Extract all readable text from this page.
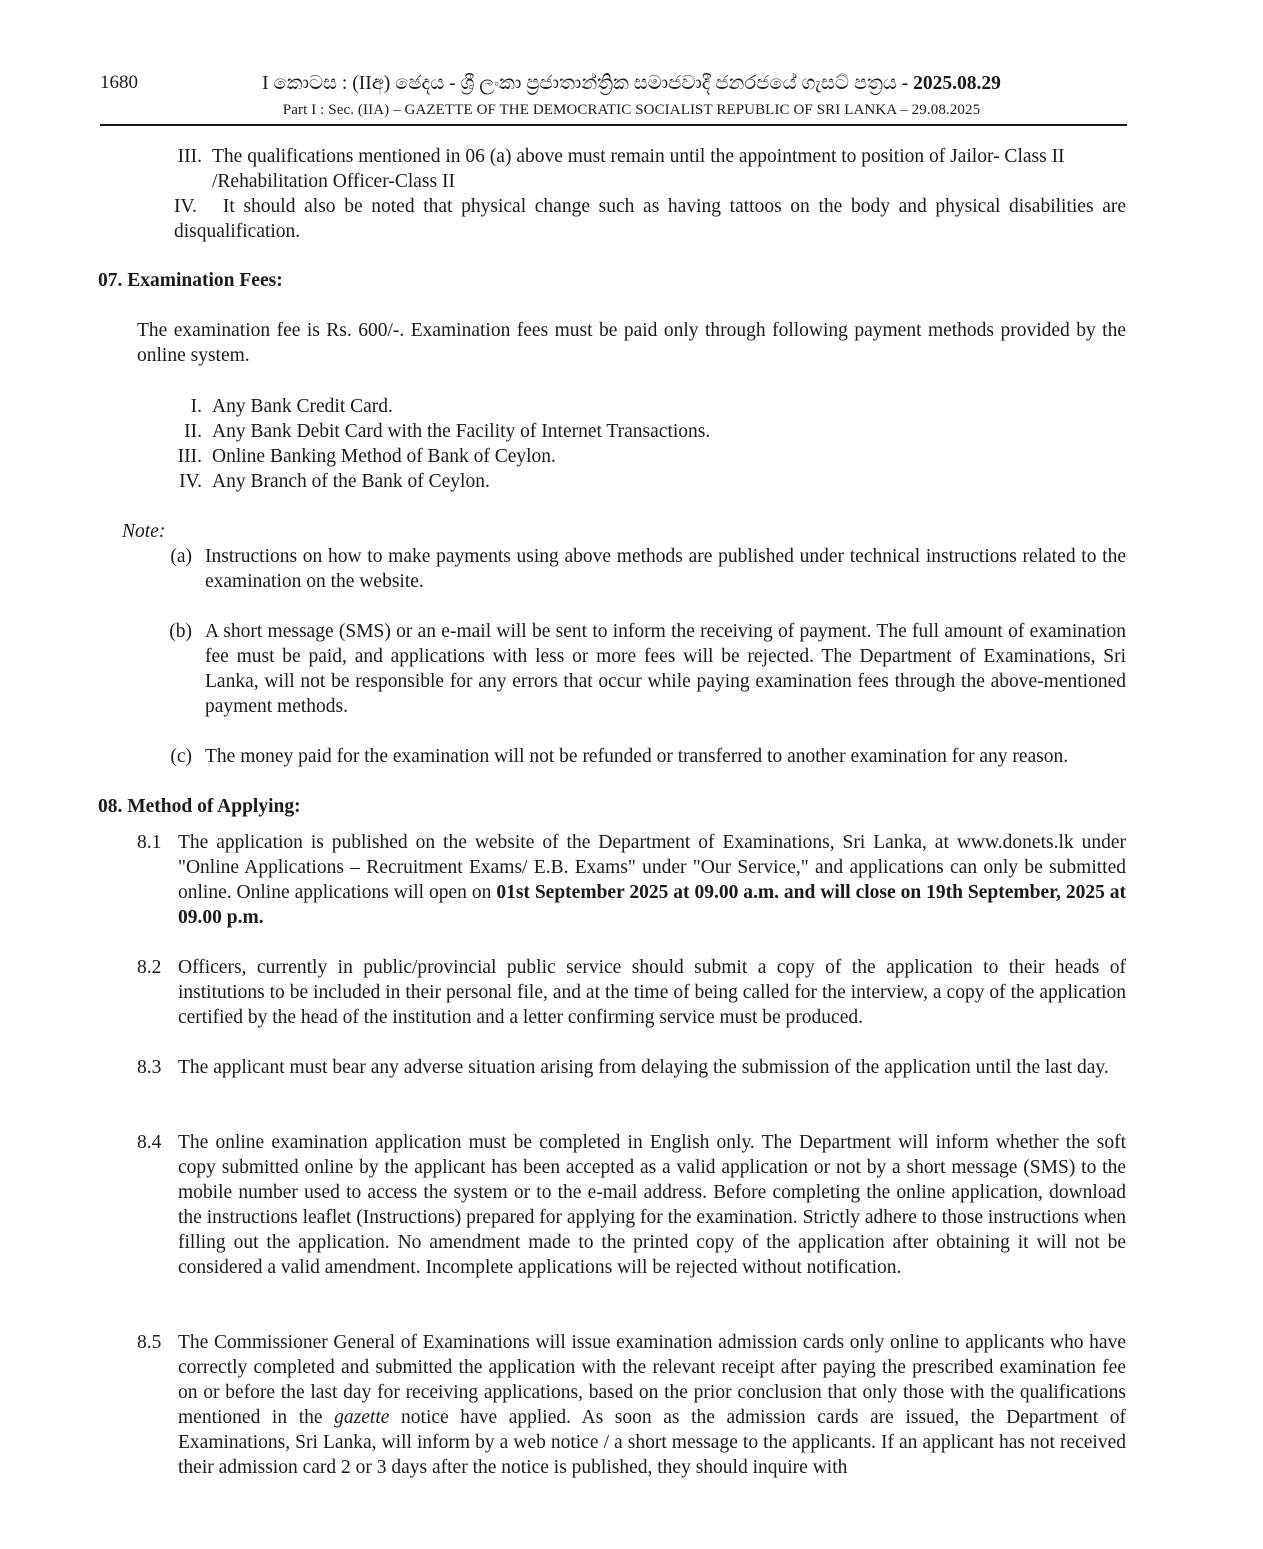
1680	I කොටස : (IIඅ) ඡෙදය - ශ්‍රී ලංකා ප්‍රජාතාන්ත්‍රික සමාජවාදී ජනරජයේ ගැසට් පත්‍රය - 2025.08.29
Part I : Sec. (IIA) – GAZETTE OF THE DEMOCRATIC SOCIALIST REPUBLIC OF SRI LANKA – 29.08.2025
III. The qualifications mentioned in 06 (a) above must remain until the appointment to position of Jailor- Class II
/Rehabilitation Officer-Class II
IV. It should also be noted that physical change such as having tattoos on the body and physical disabilities are disqualification.
07. Examination Fees:
The examination fee is Rs. 600/-. Examination fees must be paid only through following payment methods provided by the online system.
I. Any Bank Credit Card.
II. Any Bank Debit Card with the Facility of Internet Transactions.
III. Online Banking Method of Bank of Ceylon.
IV. Any Branch of the Bank of Ceylon.
Note:
(a) Instructions on how to make payments using above methods are published under technical instructions related to the examination on the website.
(b) A short message (SMS) or an e-mail will be sent to inform the receiving of payment. The full amount of examination fee must be paid, and applications with less or more fees will be rejected. The Department of Examinations, Sri Lanka, will not be responsible for any errors that occur while paying examination fees through the above-mentioned payment methods.
(c) The money paid for the examination will not be refunded or transferred to another examination for any reason.
08. Method of Applying:
8.1 The application is published on the website of the Department of Examinations, Sri Lanka, at www.donets.lk under "Online Applications – Recruitment Exams/ E.B. Exams" under "Our Service," and applications can only be submitted online. Online applications will open on 01st September 2025 at 09.00 a.m. and will close on 19th September, 2025 at 09.00 p.m.
8.2 Officers, currently in public/provincial public service should submit a copy of the application to their heads of institutions to be included in their personal file, and at the time of being called for the interview, a copy of the application certified by the head of the institution and a letter confirming service must be produced.
8.3 The applicant must bear any adverse situation arising from delaying the submission of the application until the last day.
8.4 The online examination application must be completed in English only. The Department will inform whether the soft copy submitted online by the applicant has been accepted as a valid application or not by a short message (SMS) to the mobile number used to access the system or to the e-mail address. Before completing the online application, download the instructions leaflet (Instructions) prepared for applying for the examination. Strictly adhere to those instructions when filling out the application. No amendment made to the printed copy of the application after obtaining it will not be considered a valid amendment. Incomplete applications will be rejected without notification.
8.5 The Commissioner General of Examinations will issue examination admission cards only online to applicants who have correctly completed and submitted the application with the relevant receipt after paying the prescribed examination fee on or before the last day for receiving applications, based on the prior conclusion that only those with the qualifications mentioned in the gazette notice have applied. As soon as the admission cards are issued, the Department of Examinations, Sri Lanka, will inform by a web notice / a short message to the applicants. If an applicant has not received their admission card 2 or 3 days after the notice is published, they should inquire with
